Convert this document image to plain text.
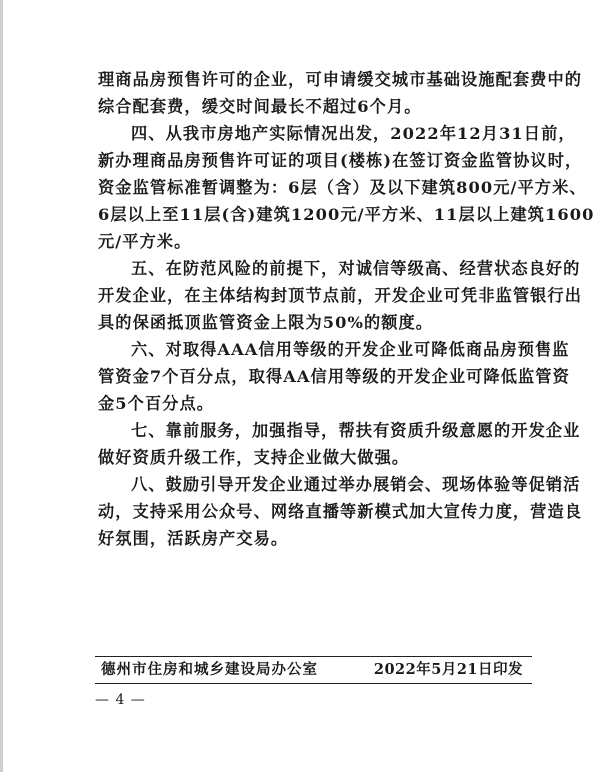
理商品房预售许可的企业，可申请缓交城市基础设施配套费中的
综合配套费，缓交时间最长不超过6个月。
四、从我市房地产实际情况出发，2022年12月31日前，
新办理商品房预售许可证的项目(楼栋)在签订资金监管协议时，
资金监管标准暂调整为：6层（含）及以下建筑800元/平方米、
6层以上至11层(含)建筑1200元/平方米、11层以上建筑1600
元/平方米。
五、在防范风险的前提下，对诚信等级高、经营状态良好的
开发企业，在主体结构封顶节点前，开发企业可凭非监管银行出
具的保函抵顶监管资金上限为50%的额度。
六、对取得AAA信用等级的开发企业可降低商品房预售监
管资金7个百分点，取得AA信用等级的开发企业可降低监管资
金5个百分点。
七、靠前服务，加强指导，帮扶有资质升级意愿的开发企业
做好资质升级工作，支持企业做大做强。
八、鼓励引导开发企业通过举办展销会、现场体验等促销活
动，支持采用公众号、网络直播等新模式加大宣传力度，营造良
好氛围，活跃房产交易。
德州市住房和城乡建设局办公室	2022年5月21日印发
— 4 —
